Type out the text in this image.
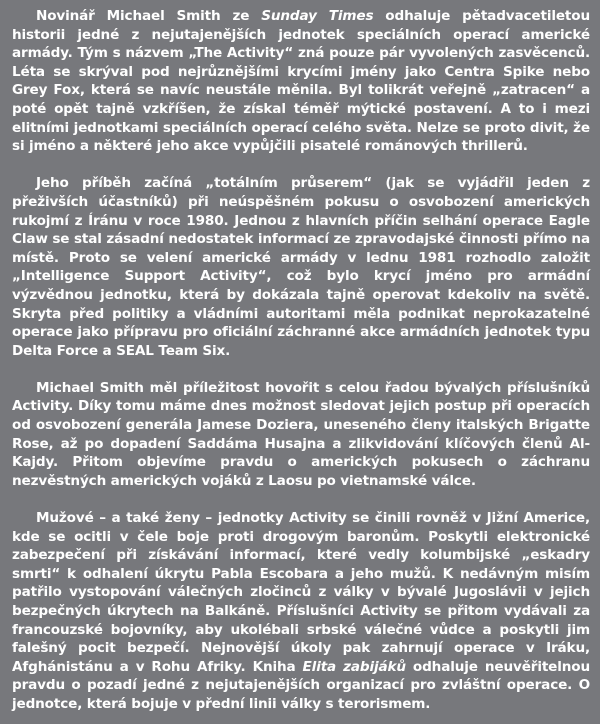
Novinář Michael Smith ze Sunday Times odhaluje pětadvacetiletou historii jedné z nejutajenějších jednotek speciálních operací americké armády. Tým s názvem „The Activity“ zná pouze pár vyvolených zasvěcenců. Léta se skrýval pod nejrůznějšími krycími jmény jako Centra Spike nebo Grey Fox, která se navíc neustále měnila. Byl tolikrát veřejně „zatracen“ a poté opět tajně vzkříšen, že získal téměř mýtické postavení. A to i mezi elitními jednotkami speciálních operací celého světa. Nelze se proto divit, že si jméno a některé jeho akce vypůjčili pisatelé románových thrillerů.

Jeho příběh začíná „totálním průserem“ (jak se vyjádřil jeden z přeživších účastníků) při neúspěšném pokusu o osvobození amerických rukojmí z Íránu v roce 1980. Jednou z hlavních příčin selhání operace Eagle Claw se stal zásadní nedostatek informací ze zpravodajské činnosti přímo na místě. Proto se velení americké armády v lednu 1981 rozhodlo založit „Intelligence Support Activity“, což bylo krycí jméno pro armádní výzvědnou jednotku, která by dokázala tajně operovat kdekoliv na světě. Skryta před politiky a vládními autoritami měla podnikat neprokazatelné operace jako přípravu pro oficiální záchranné akce armádních jednotek typu Delta Force a SEAL Team Six.

Michael Smith měl příležitost hovořit s celou řadou bývalých příslušníků Activity. Díky tomu máme dnes možnost sledovat jejich postup při operacích od osvobození generála Jamese Doziera, uneseného členy italských Brigatte Rose, až po dopadení Saddáma Husajna a zlikvidování klíčových členů Al-Kajdy. Přitom objevíme pravdu o amerických pokusech o záchranu nezvěstných amerických vojáků z Laosu po vietnamské válce.

Mužové – a také ženy – jednotky Activity se činili rovněž v Jižní Americe, kde se ocitli v čele boje proti drogovým baronům. Poskytli elektronické zabezpečení při získávání informací, které vedly kolumbijské „eskadry smrti“ k odhalení úkrytu Pabla Escobara a jeho mužů. K nedávným misím patřilo vystopování válečných zločinců z války v bývalé Jugoslávii v jejich bezpečných úkrytech na Balkáně. Příslušníci Activity se přitom vydávali za francouzské bojovníky, aby ukolébali srbské válečné vůdce a poskytli jim falešný pocit bezpečí. Nejnovější úkoly pak zahrnují operace v Iráku, Afghánistánu a v Rohu Afriky. Kniha Elita zabijáků odhaluje neuvěřitelnou pravdu o pozadí jedné z nejutajenějších organizací pro zvláštní operace. O jednotce, která bojuje v přední linii války s terorismem.
